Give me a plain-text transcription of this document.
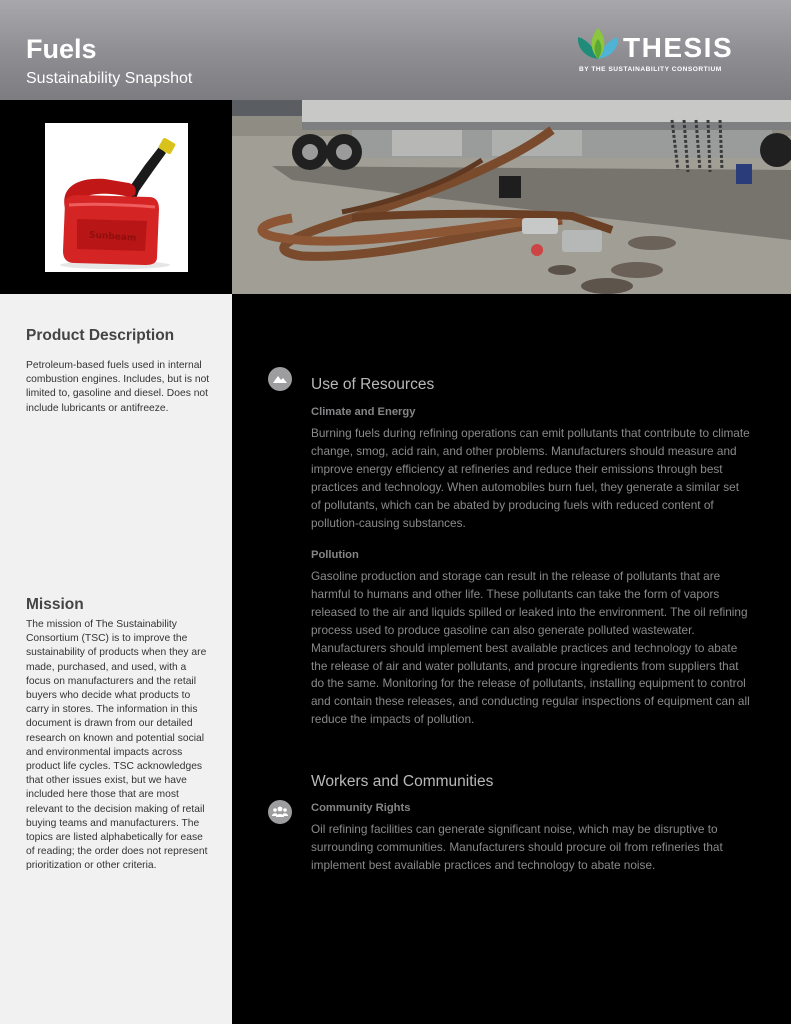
Fuels
Sustainability Snapshot
THESIS
BY THE SUSTAINABILITY CONSORTIUM
Sunbeam
Product Description
Petroleum-based fuels used in internal combustion engines. Includes, but is not limited to, gasoline and diesel. Does not include lubricants or antifreeze.
Mission
The mission of The Sustainability Consortium (TSC) is to improve the sustainability of products when they are made, purchased, and used, with a focus on manufacturers and the retail buyers who decide what products to carry in stores. The information in this document is drawn from our detailed research on known and potential social and environmental impacts across product life cycles. TSC acknowledges that other issues exist, but we have included here those that are most relevant to the decision making of retail buying teams and manufacturers. The topics are listed alphabetically for ease of reading; the order does not represent prioritization or other criteria.
Use of Resources
Climate and Energy
Burning fuels during refining operations can emit pollutants that contribute to climate change, smog, acid rain, and other problems. Manufacturers should measure and improve energy efficiency at refineries and reduce their emissions through best practices and technology. When automobiles burn fuel, they generate a similar set of pollutants, which can be abated by producing fuels with reduced content of pollution-causing substances.
Pollution
Gasoline production and storage can result in the release of pollutants that are harmful to humans and other life. These pollutants can take the form of vapors released to the air and liquids spilled or leaked into the environment. The oil refining process used to produce gasoline can also generate polluted wastewater. Manufacturers should implement best available practices and technology to abate the release of air and water pollutants, and procure ingredients from suppliers that do the same. Monitoring for the release of pollutants, installing equipment to control and contain these releases, and conducting regular inspections of equipment can all reduce the impacts of pollution.
Workers and Communities
Community Rights
Oil refining facilities can generate significant noise, which may be disruptive to surrounding communities. Manufacturers should procure oil from refineries that implement best available practices and technology to abate noise.
